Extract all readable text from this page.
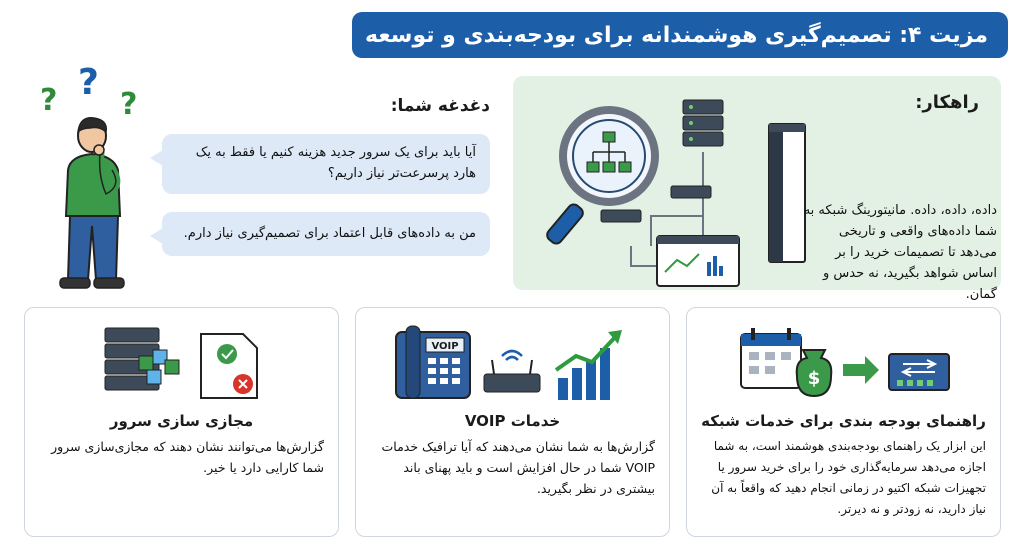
مزیت ۴: تصمیم‌گیری هوشمندانه برای بودجه‌بندی و توسعه
? ?
?	دغدغه شما:
آیا باید برای یک سرور جدید هزینه کنیم یا فقط به یک هارد پرسرعت‌تر نیاز داریم؟
من به داده‌های قابل اعتماد برای تصمیم‌گیری نیاز دارم.
راهکار:
داده، داده، داده. مانیتورینگ شبکه به شما داده‌های واقعی و تاریخی می‌دهد تا تصمیمات خرید را بر اساس شواهد بگیرید، نه حدس و گمان.
مجازی سازی سرور
گزارش‌ها می‌توانند نشان دهند که مجازی‌سازی سرور شما کارایی دارد یا خیر.
VOIP
خدمات VOIP
گزارش‌ها به شما نشان می‌دهند که آیا ترافیک خدمات VOIP شما در حال افزایش است و باید پهنای باند بیشتری در نظر بگیرید.
$
راهنمای بودجه بندی برای خدمات شبکه
این ابزار یک راهنمای بودجه‌بندی هوشمند است، به شما اجازه می‌دهد سرمایه‌گذاری خود را برای خرید سرور یا تجهیزات شبکه اکتیو در زمانی انجام دهید که واقعاً به آن نیاز دارید، نه زودتر و نه دیرتر.
